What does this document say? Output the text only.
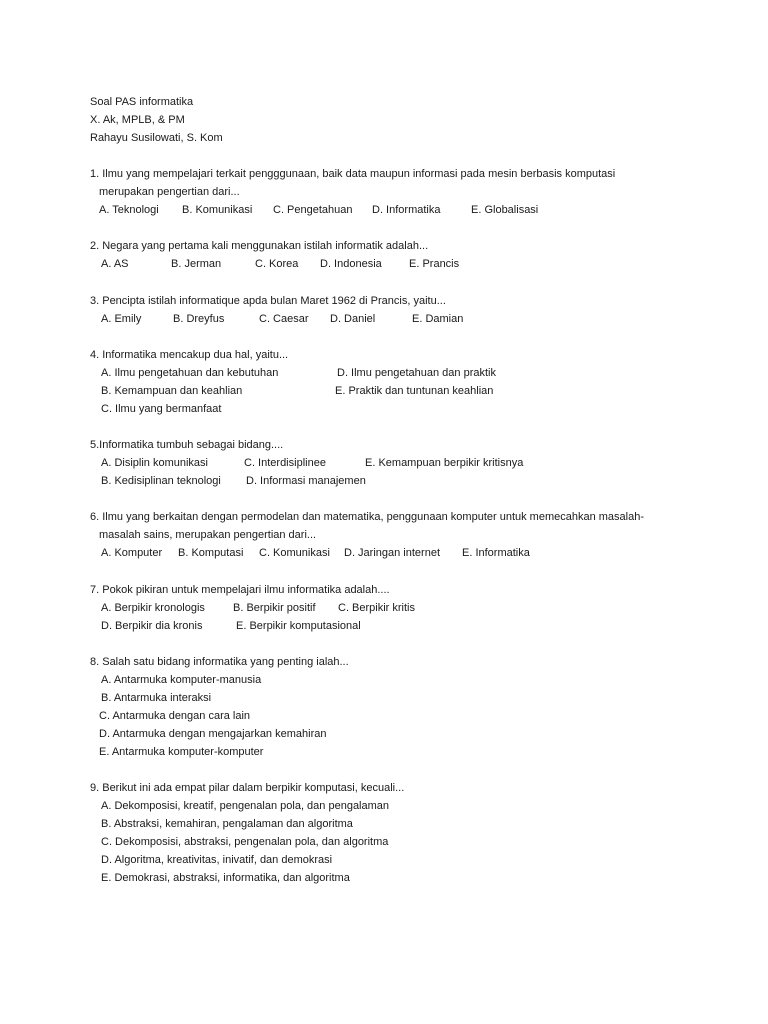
Soal PAS informatika
X. Ak, MPLB, & PM
Rahayu Susilowati, S. Kom
1. Ilmu yang mempelajari terkait pengggunaan, baik data maupun informasi pada mesin berbasis komputasi
merupakan pengertian dari...
A. Teknologi B. Komunikasi C. Pengetahuan D. Informatika	E. Globalisasi
2. Negara yang pertama kali menggunakan istilah informatik adalah...
A. AS	B. Jerman	C. Korea D. Indonesia E. Prancis
3. Pencipta istilah informatique apda bulan Maret 1962 di Prancis, yaitu...
A. Emily	B. Dreyfus	C. Caesar D. Daniel	E. Damian
4. Informatika mencakup dua hal, yaitu...
A. Ilmu pengetahuan dan kebutuhan
B. Kemampuan dan keahlian
C. Ilmu yang bermanfaat
D. Ilmu pengetahuan dan praktik
E. Praktik dan tuntunan keahlian
5.Informatika tumbuh sebagai bidang....
A. Disiplin komunikasi
B. Kedisiplinan teknologi
C. Interdisiplinee
D. Informasi manajemen
E. Kemampuan berpikir kritisnya
6. Ilmu yang berkaitan dengan permodelan dan matematika, penggunaan komputer untuk memecahkan masalah-
masalah sains, merupakan pengertian dari...
A. Komputer B. Komputasi C. Komunikasi D. Jaringan internet E. Informatika
7. Pokok pikiran untuk mempelajari ilmu informatika adalah....
A. Berpikir kronologis	B. Berpikir positif C. Berpikir kritis
D. Berpikir dia kronis	E. Berpikir komputasional
8. Salah satu bidang informatika yang penting ialah...
A. Antarmuka komputer-manusia
B. Antarmuka interaksi
C. Antarmuka dengan cara lain
D. Antarmuka dengan mengajarkan kemahiran
E. Antarmuka komputer-komputer
9. Berikut ini ada empat pilar dalam berpikir komputasi, kecuali...
A. Dekomposisi, kreatif, pengenalan pola, dan pengalaman
B. Abstraksi, kemahiran, pengalaman dan algoritma
C. Dekomposisi, abstraksi, pengenalan pola, dan algoritma
D. Algoritma, kreativitas, inivatif, dan demokrasi
E. Demokrasi, abstraksi, informatika, dan algoritma
